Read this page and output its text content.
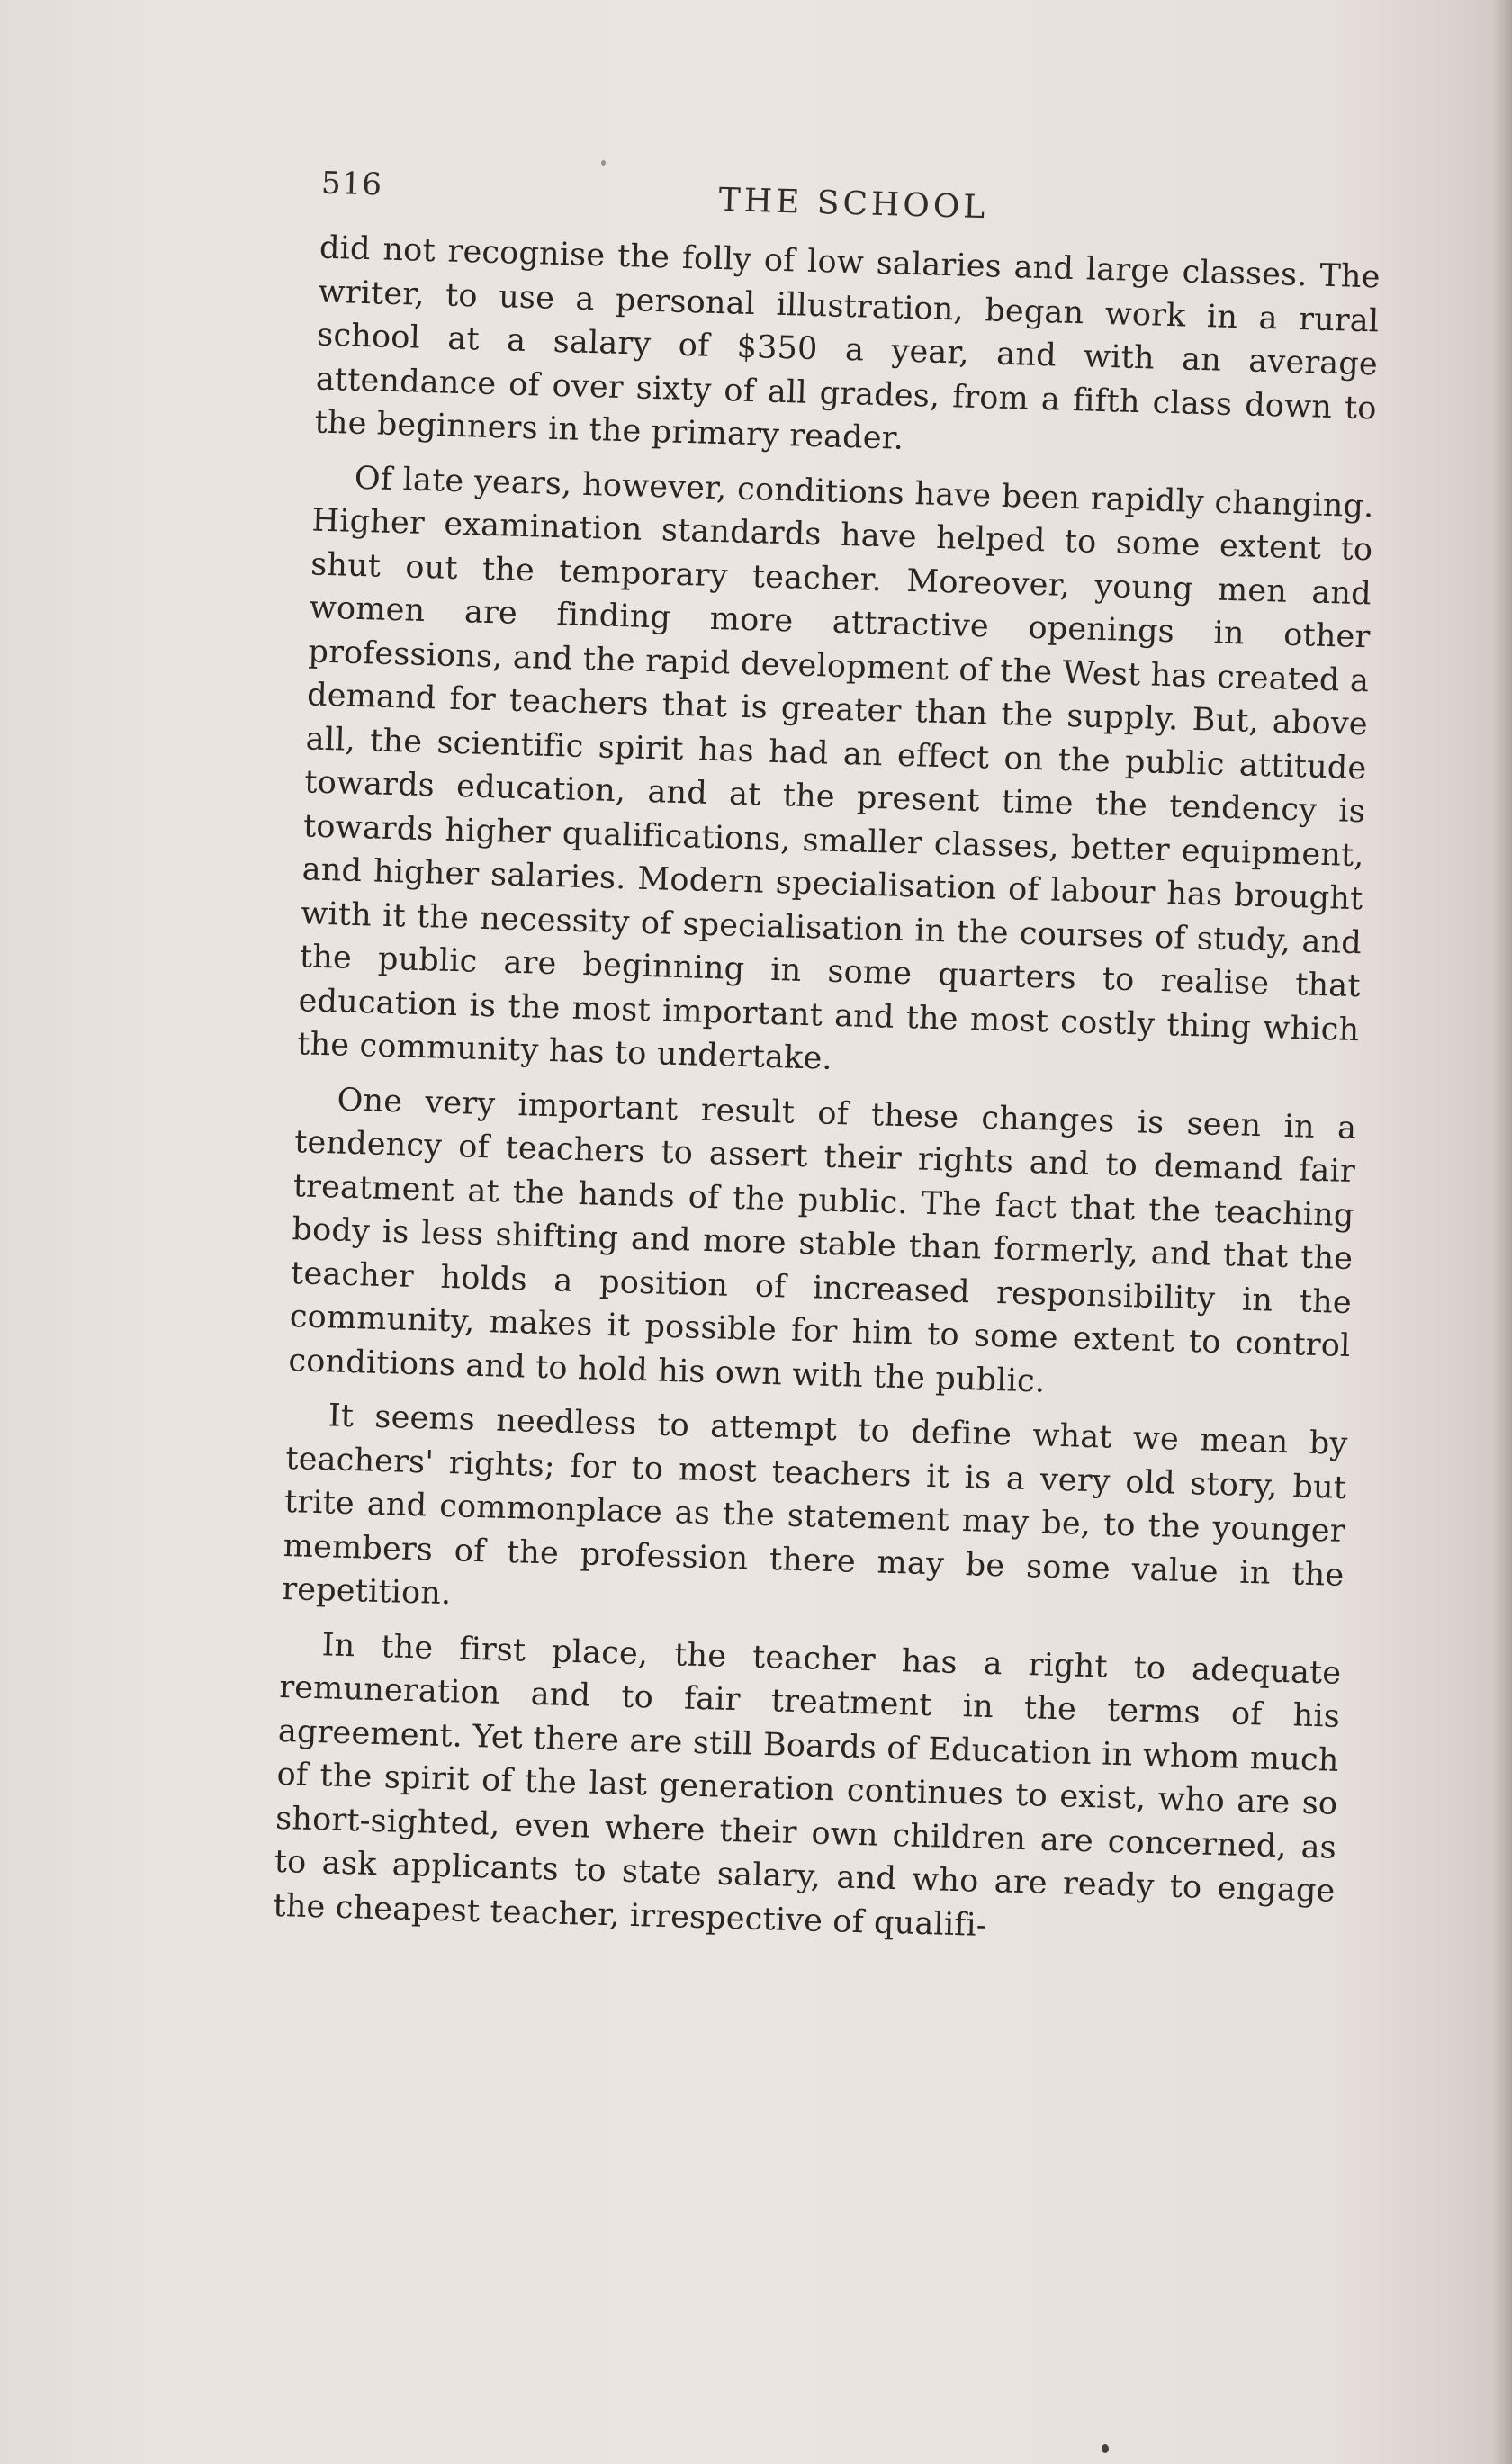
516	THE SCHOOL

did not recognise the folly of low salaries and large classes. The writer, to use a personal illustration, began work in a rural school at a salary of $350 a year, and with an average attendance of over sixty of all grades, from a fifth class down to the beginners in the primary reader.

Of late years, however, conditions have been rapidly changing. Higher examination standards have helped to some extent to shut out the temporary teacher. Moreover, young men and women are finding more attractive openings in other professions, and the rapid development of the West has created a demand for teachers that is greater than the supply. But, above all, the scientific spirit has had an effect on the public attitude towards education, and at the present time the tendency is towards higher qualifications, smaller classes, better equipment, and higher salaries. Modern specialisation of labour has brought with it the necessity of specialisation in the courses of study, and the public are beginning in some quarters to realise that education is the most important and the most costly thing which the community has to undertake.

One very important result of these changes is seen in a tendency of teachers to assert their rights and to demand fair treatment at the hands of the public. The fact that the teaching body is less shifting and more stable than formerly, and that the teacher holds a position of increased responsibility in the community, makes it possible for him to some extent to control conditions and to hold his own with the public.

It seems needless to attempt to define what we mean by teachers' rights; for to most teachers it is a very old story, but trite and commonplace as the statement may be, to the younger members of the profession there may be some value in the repetition.

In the first place, the teacher has a right to adequate remuneration and to fair treatment in the terms of his agreement. Yet there are still Boards of Education in whom much of the spirit of the last generation continues to exist, who are so short-sighted, even where their own children are concerned, as to ask applicants to state salary, and who are ready to engage the cheapest teacher, irrespective of qualifi-
